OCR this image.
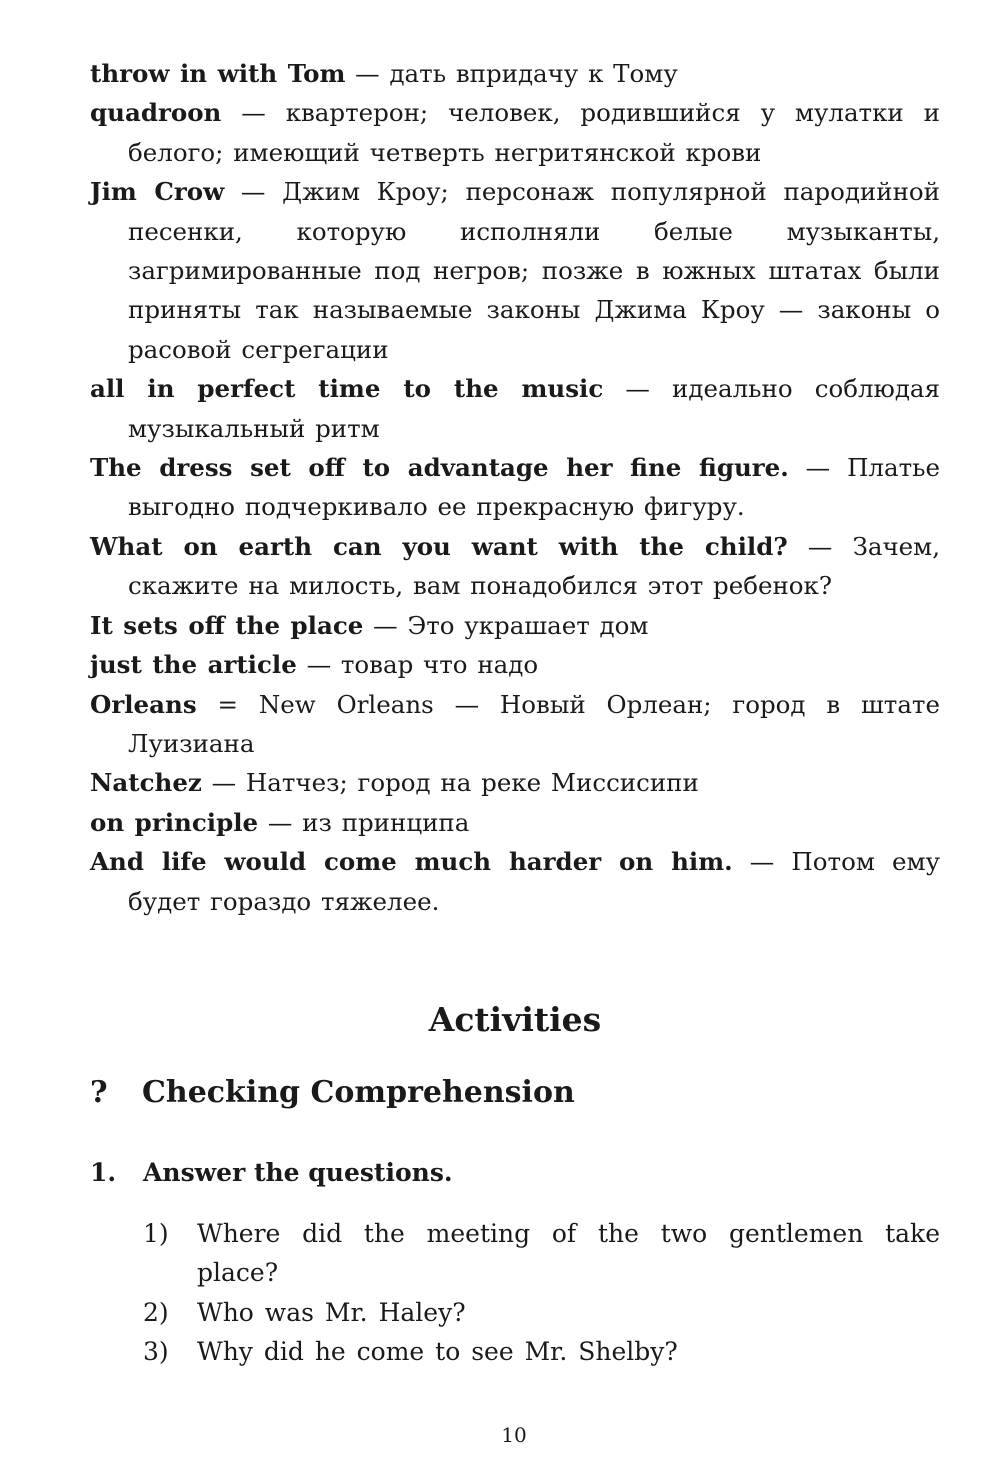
throw in with Tom — дать впридачу к Тому
quadroon — квартерон; человек, родившийся у мулатки и белого; имеющий четверть негритянской крови
Jim Crow — Джим Кроу; персонаж популярной пародийной песенки, которую исполняли белые музыканты, загримированные под негров; позже в южных штатах были приняты так называемые законы Джима Кроу — законы о расовой сегрегации
all in perfect time to the music — идеально соблюдая музыкальный ритм
The dress set off to advantage her fine figure. — Платье выгодно подчеркивало ее прекрасную фигуру.
What on earth can you want with the child? — Зачем, скажите на милость, вам понадобился этот ребенок?
It sets off the place — Это украшает дом
just the article — товар что надо
Orleans = New Orleans — Новый Орлеан; город в штате Луизиана
Natchez — Натчез; город на реке Миссисипи
on principle — из принципа
And life would come much harder on him. — Потом ему будет гораздо тяжелее.
Activities
? Checking Comprehension
1. Answer the questions.
1) Where did the meeting of the two gentlemen take place?
2) Who was Mr. Haley?
3) Why did he come to see Mr. Shelby?
10
